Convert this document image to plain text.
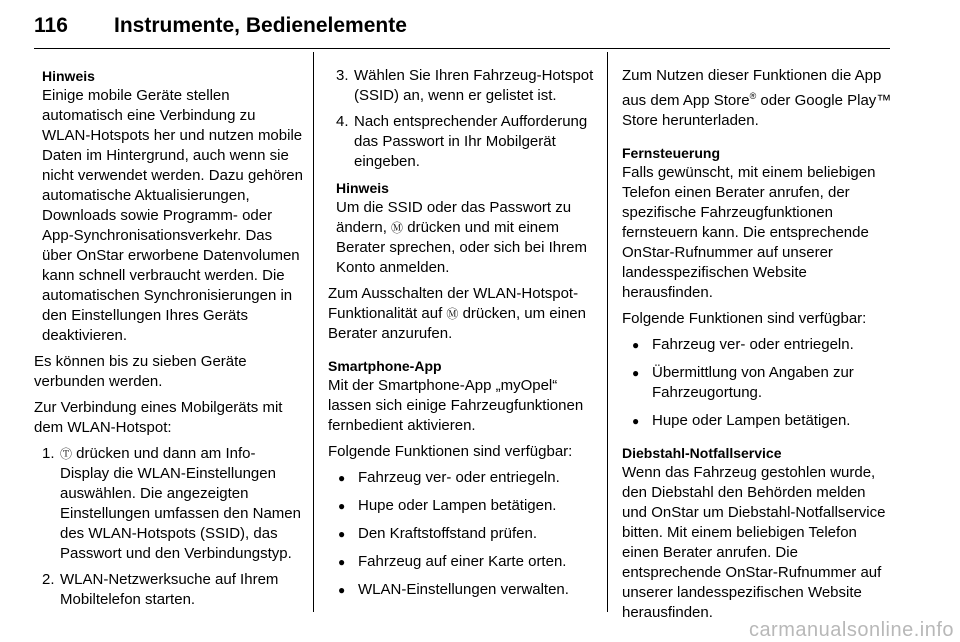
116 Instrumente, Bedienelemente
Hinweis
Einige mobile Geräte stellen automatisch eine Verbindung zu WLAN-Hotspots her und nutzen mobile Daten im Hintergrund, auch wenn sie nicht verwendet werden. Dazu gehören automatische Aktualisierungen, Downloads sowie Programm- oder App-Synchronisationsverkehr. Das über OnStar erworbene Datenvolumen kann schnell verbraucht werden. Die automatischen Synchronisierungen in den Einstellungen Ihres Geräts deaktivieren.
Es können bis zu sieben Geräte verbunden werden.
Zur Verbindung eines Mobilgeräts mit dem WLAN-Hotspot:
1. Ⓣ drücken und dann am Info-Display die WLAN-Einstellungen auswählen. Die angezeigten Einstellungen umfassen den Namen des WLAN-Hotspots (SSID), das Passwort und den Verbindungstyp.
2. WLAN-Netzwerksuche auf Ihrem Mobiltelefon starten.
3. Wählen Sie Ihren Fahrzeug-Hotspot (SSID) an, wenn er gelistet ist.
4. Nach entsprechender Aufforderung das Passwort in Ihr Mobilgerät eingeben.
Hinweis
Um die SSID oder das Passwort zu ändern, Ⓜ drücken und mit einem Berater sprechen, oder sich bei Ihrem Konto anmelden.
Zum Ausschalten der WLAN-Hotspot-Funktionalität auf Ⓜ drücken, um einen Berater anzurufen.
Smartphone-App
Mit der Smartphone-App „myOpel“ lassen sich einige Fahrzeugfunktionen fernbedient aktivieren.
Folgende Funktionen sind verfügbar:
● Fahrzeug ver- oder entriegeln.
● Hupe oder Lampen betätigen.
● Den Kraftstoffstand prüfen.
● Fahrzeug auf einer Karte orten.
● WLAN-Einstellungen verwalten.
Zum Nutzen dieser Funktionen die App aus dem App Store® oder Google Play™ Store herunterladen.
Fernsteuerung
Falls gewünscht, mit einem beliebigen Telefon einen Berater anrufen, der spezifische Fahrzeugfunktionen fernsteuern kann. Die entsprechende OnStar-Rufnummer auf unserer landesspezifischen Website herausfinden.
Folgende Funktionen sind verfügbar:
● Fahrzeug ver- oder entriegeln.
● Übermittlung von Angaben zur Fahrzeugortung.
● Hupe oder Lampen betätigen.
Diebstahl-Notfallservice
Wenn das Fahrzeug gestohlen wurde, den Diebstahl den Behörden melden und OnStar um Diebstahl-Notfallservice bitten. Mit einem beliebigen Telefon einen Berater anrufen. Die entsprechende OnStar-Rufnummer auf unserer landesspezifischen Website herausfinden.
carmanualsonline.info
